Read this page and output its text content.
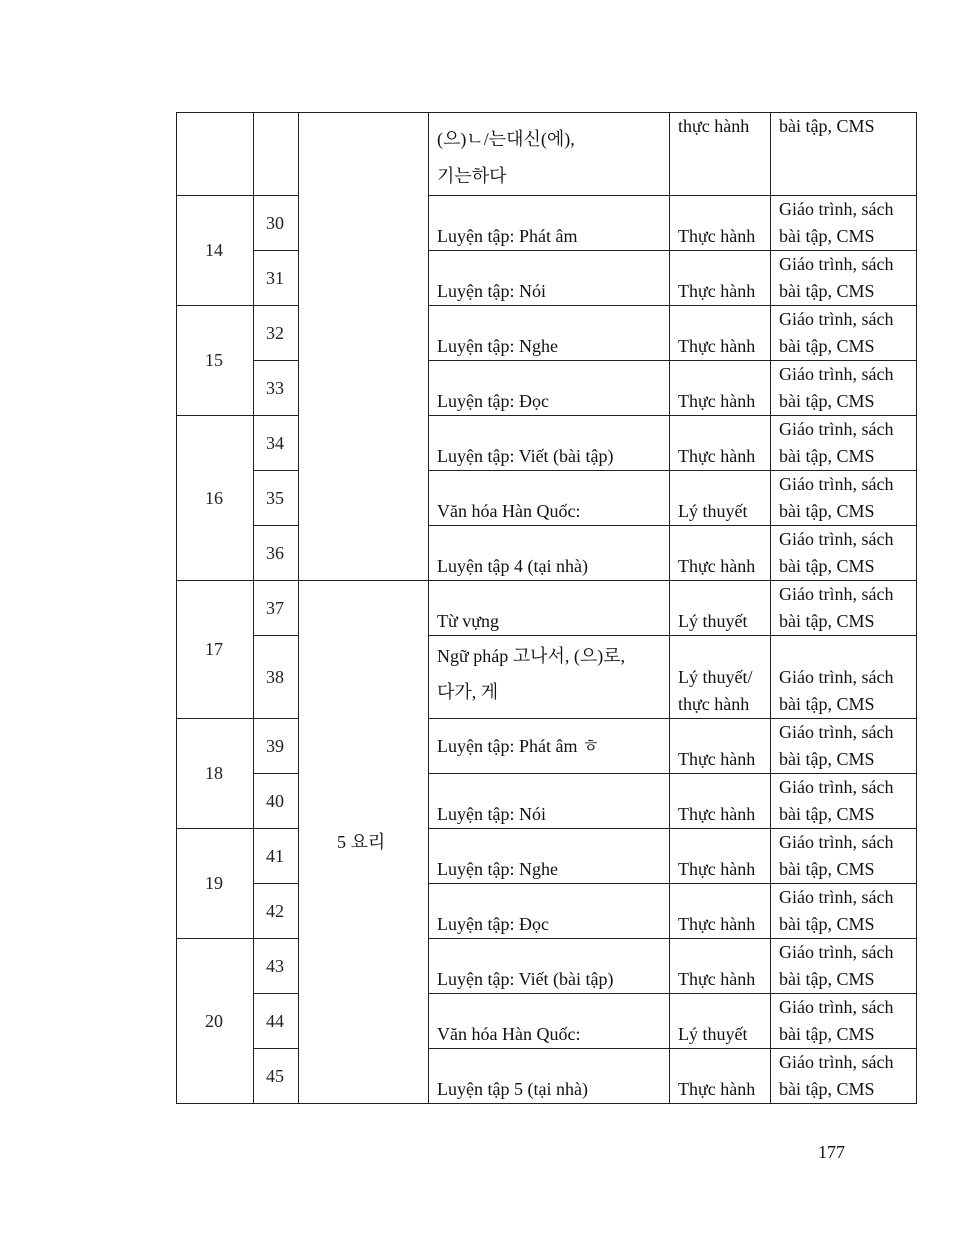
			(으)ㄴ/는대신(에),
기는하다	thực hành	bài tập, CMS
14	30		Luyện tập: Phát âm	Thực hành	Giáo trình, sách
bài tập, CMS

	31		Luyện tập: Nói	Thực hành	Giáo trình, sách
bài tập, CMS

15	32		Luyện tập: Nghe	Thực hành	Giáo trình, sách
bài tập, CMS

	33		Luyện tập: Đọc	Thực hành	Giáo trình, sách
bài tập, CMS

16	34		Luyện tập: Viết (bài tập)	Thực hành	Giáo trình, sách
bài tập, CMS

	35		Văn hóa Hàn Quốc:	Lý thuyết	Giáo trình, sách
bài tập, CMS

	36		Luyện tập 4 (tại nhà)	Thực hành	Giáo trình, sách
bài tập, CMS

17	37	5 요리	Từ vựng	Lý thuyết	Giáo trình, sách
bài tập, CMS

	38		Ngữ pháp 고나서, (으)로,
다가, 게	Lý thuyết/
thực hành	Giáo trình, sách
bài tập, CMS

18	39		Luyện tập: Phát âm ㅎ	Thực hành	Giáo trình, sách
bài tập, CMS

	40		Luyện tập: Nói	Thực hành	Giáo trình, sách
bài tập, CMS

19	41		Luyện tập: Nghe	Thực hành	Giáo trình, sách
bài tập, CMS

	42		Luyện tập: Đọc	Thực hành	Giáo trình, sách
bài tập, CMS

20	43		Luyện tập: Viết (bài tập)	Thực hành	Giáo trình, sách
bài tập, CMS

	44		Văn hóa Hàn Quốc:	Lý thuyết	Giáo trình, sách
bài tập, CMS

	45		Luyện tập 5 (tại nhà)	Thực hành	Giáo trình, sách
bài tập, CMS
177
